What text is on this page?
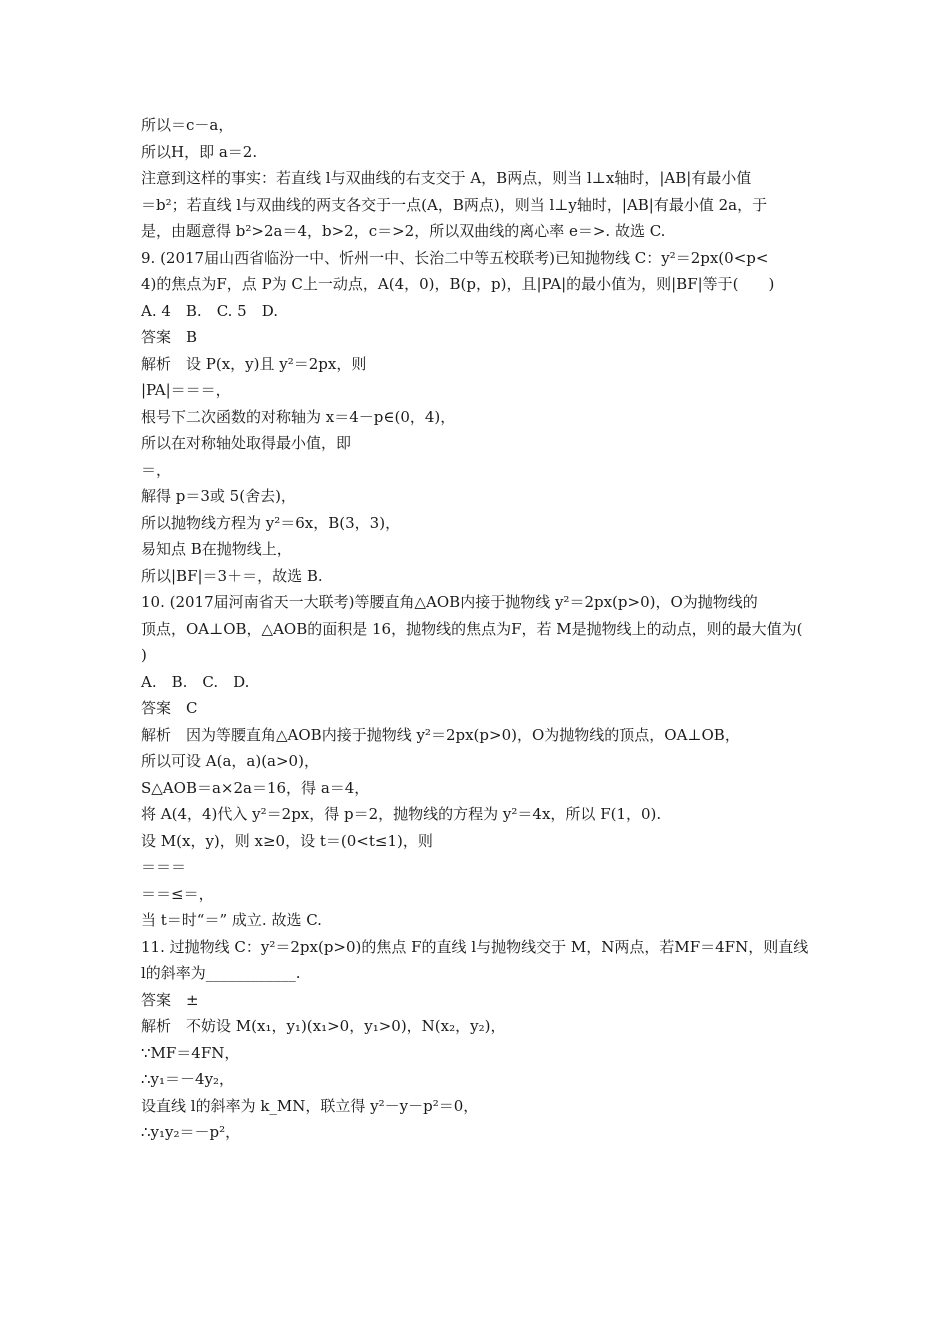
所以＝c－a，
所以H，即 a＝2.
注意到这样的事实：若直线 l与双曲线的右支交于 A，B两点，则当 l⊥x轴时，|AB|有最小值
＝b²；若直线 l与双曲线的两支各交于一点(A，B两点)，则当 l⊥y轴时，|AB|有最小值 2a，于
是，由题意得 b²>2a＝4，b>2，c＝>2，所以双曲线的离心率 e＝>. 故选 C.
9. (2017届山西省临汾一中、忻州一中、长治二中等五校联考)已知抛物线 C：y²＝2px(0<p<
4)的焦点为F，点 P为 C上一动点，A(4，0)，B(p，p)，且|PA|的最小值为，则|BF|等于(　　)
A. 4　B.　C. 5　D.
答案　B
解析　设 P(x，y)且 y²＝2px，则
|PA|＝＝＝，
根号下二次函数的对称轴为 x＝4－p∈(0，4)，
所以在对称轴处取得最小值，即
＝，
解得 p＝3或 5(舍去)，
所以抛物线方程为 y²＝6x，B(3，3)，
易知点 B在抛物线上，
所以|BF|＝3＋＝，故选 B.
10. (2017届河南省天一大联考)等腰直角△AOB内接于抛物线 y²＝2px(p>0)，O为抛物线的
顶点，OA⊥OB，△AOB的面积是 16，抛物线的焦点为F，若 M是抛物线上的动点，则的最大值为(
)
A.　B.　C.　D.
答案　C
解析　因为等腰直角△AOB内接于抛物线 y²＝2px(p>0)，O为抛物线的顶点，OA⊥OB，
所以可设 A(a，a)(a>0)，
S△AOB＝a×2a＝16，得 a＝4，
将 A(4，4)代入 y²＝2px，得 p＝2，抛物线的方程为 y²＝4x，所以 F(1，0).
设 M(x，y)，则 x≥0，设 t＝(0<t≤1)，则
＝＝＝
＝＝≤＝，
当 t＝时“＝” 成立. 故选 C.
11. 过抛物线 C：y²＝2px(p>0)的焦点 F的直线 l与抛物线交于 M，N两点，若MF＝4FN，则直线
l的斜率为____________.
答案　±
解析　不妨设 M(x₁，y₁)(x₁>0，y₁>0)，N(x₂，y₂)，
∵MF＝4FN，
∴y₁＝－4y₂，
设直线 l的斜率为 k_MN，联立得 y²－y－p²＝0，
∴y₁y₂＝－p²，
